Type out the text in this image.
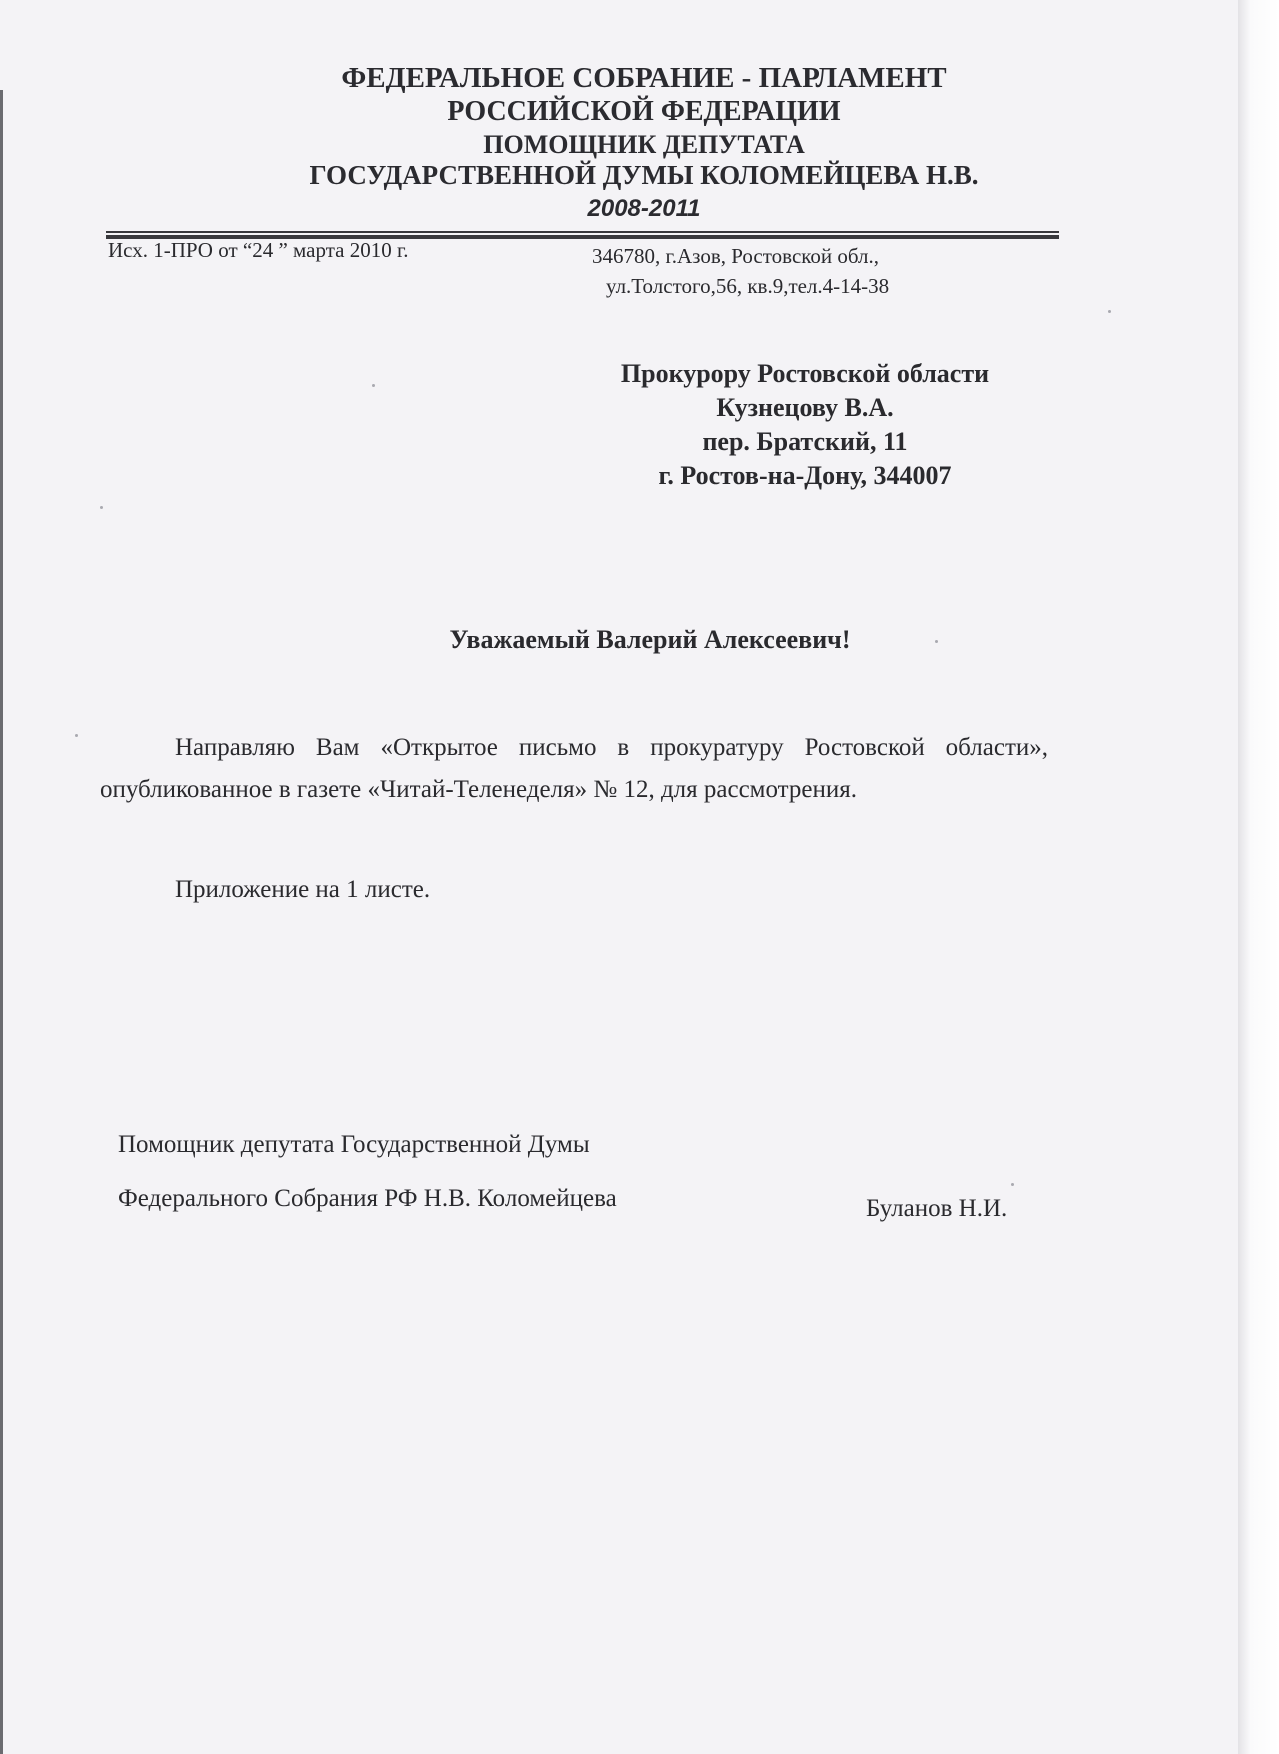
ФЕДЕРАЛЬНОЕ СОБРАНИЕ - ПАРЛАМЕНТ
РОССИЙСКОЙ ФЕДЕРАЦИИ
ПОМОЩНИК ДЕПУТАТА
ГОСУДАРСТВЕННОЙ ДУМЫ КОЛОМЕЙЦЕВА Н.В.
2008-2011
Исх. 1-ПРО от “24 ” марта 2010 г.	346780, г.Азов, Ростовской обл.,
ул.Толстого,56, кв.9,тел.4-14-38
Прокурору Ростовской области
Кузнецову В.А.
пер. Братский, 11
г. Ростов-на-Дону, 344007
Уважаемый Валерий Алексеевич!
Направляю Вам «Открытое письмо в прокуратуру Ростовской области», опубликованное в газете «Читай-Теленеделя» № 12, для рассмотрения.
Приложение на 1 листе.
Помощник депутата Государственной Думы
Федерального Собрания РФ Н.В. Коломейцева	Буланов Н.И.
